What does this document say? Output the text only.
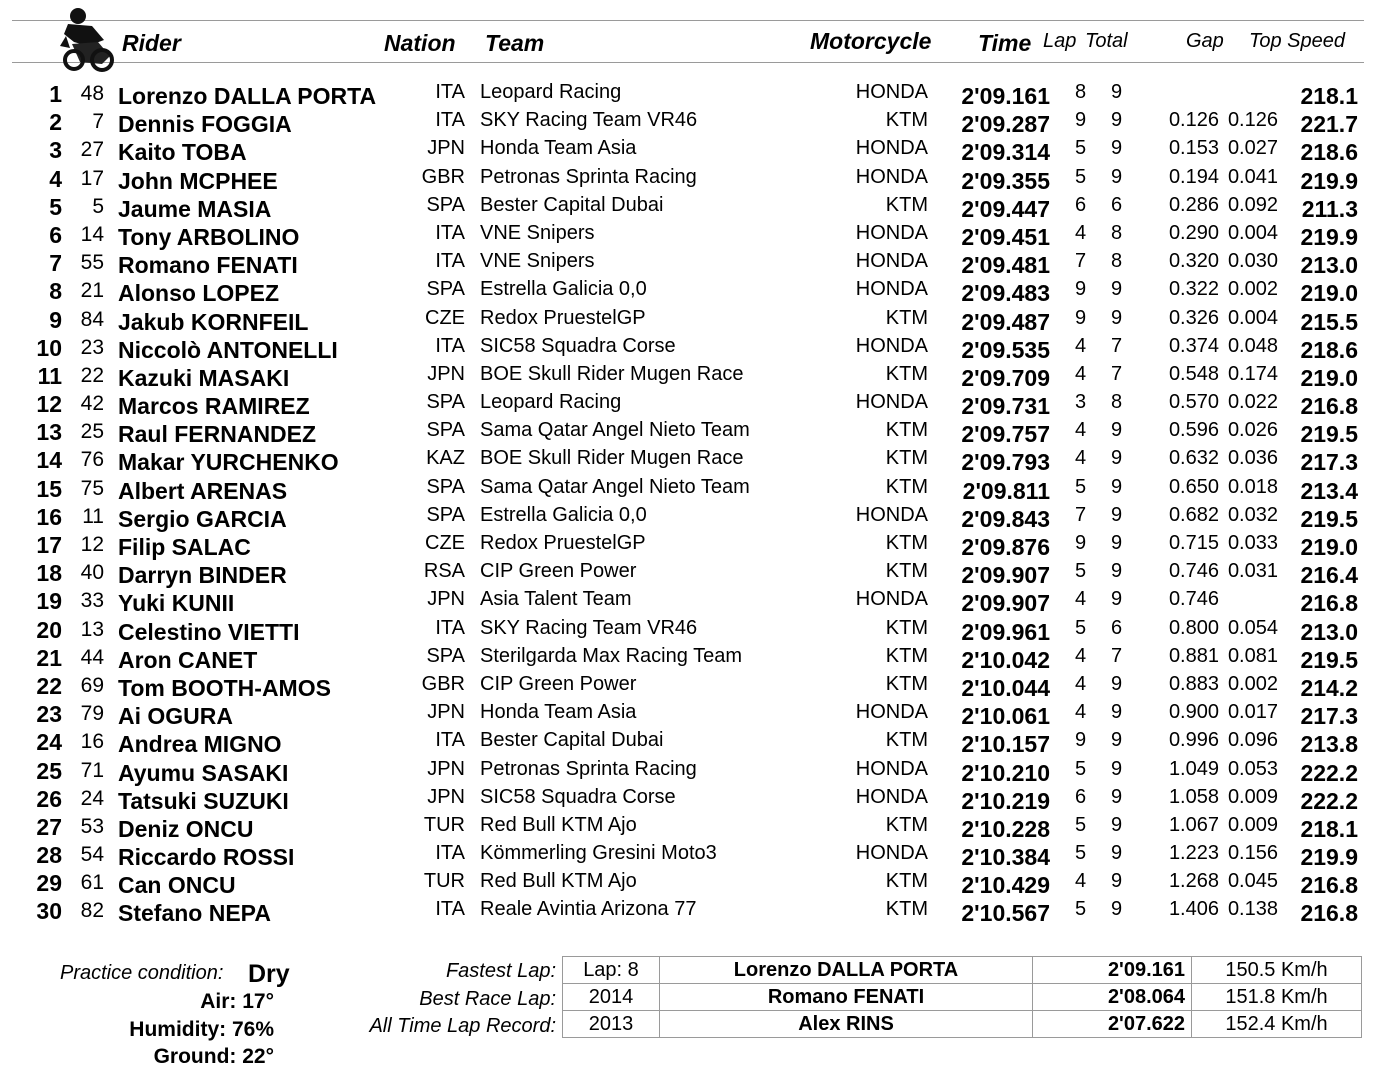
Rider	Nation Team	Motorcycle Time Lap Total	Gap Top Speed
1 48 Lorenzo DALLA PORTA	ITA Leopard Racing	HONDA 2'09.161 8 9	218.1
2 7 Dennis FOGGIA	ITA SKY Racing Team VR46	KTM 2'09.287 9 9 0.126 0.126 221.7
3 27 Kaito TOBA	JPN Honda Team Asia	HONDA 2'09.314 5 9 0.153 0.027 218.6
4 17 John MCPHEE	GBR Petronas Sprinta Racing	HONDA 2'09.355 5 9 0.194 0.041 219.9
5 5 Jaume MASIA	SPA Bester Capital Dubai	KTM 2'09.447 6 6 0.286 0.092 211.3
6 14 Tony ARBOLINO	ITA VNE Snipers	HONDA 2'09.451 4 8 0.290 0.004 219.9
7 55 Romano FENATI	ITA VNE Snipers	HONDA 2'09.481 7 8 0.320 0.030 213.0
8 21 Alonso LOPEZ	SPA Estrella Galicia 0,0	HONDA 2'09.483 9 9 0.322 0.002 219.0
9 84 Jakub KORNFEIL	CZE Redox PruestelGP	KTM 2'09.487 9 9 0.326 0.004 215.5
10 23 Niccolò ANTONELLI	ITA SIC58 Squadra Corse	HONDA 2'09.535 4 7 0.374 0.048 218.6
11 22 Kazuki MASAKI	JPN BOE Skull Rider Mugen Race	KTM 2'09.709 4 7 0.548 0.174 219.0
12 42 Marcos RAMIREZ	SPA Leopard Racing	HONDA 2'09.731 3 8 0.570 0.022 216.8
13 25 Raul FERNANDEZ	SPA Sama Qatar Angel Nieto Team	KTM 2'09.757 4 9 0.596 0.026 219.5
14 76 Makar YURCHENKO	KAZ BOE Skull Rider Mugen Race	KTM 2'09.793 4 9 0.632 0.036 217.3
15 75 Albert ARENAS	SPA Sama Qatar Angel Nieto Team	KTM 2'09.811 5 9 0.650 0.018 213.4
16 11 Sergio GARCIA	SPA Estrella Galicia 0,0	HONDA 2'09.843 7 9 0.682 0.032 219.5
17 12 Filip SALAC	CZE Redox PruestelGP	KTM 2'09.876 9 9 0.715 0.033 219.0
18 40 Darryn BINDER	RSA CIP Green Power	KTM 2'09.907 5 9 0.746 0.031 216.4
19 33 Yuki KUNII	JPN Asia Talent Team	HONDA 2'09.907 4 9 0.746	216.8
20 13 Celestino VIETTI	ITA SKY Racing Team VR46	KTM 2'09.961 5 6 0.800 0.054 213.0
21 44 Aron CANET	SPA Sterilgarda Max Racing Team	KTM 2'10.042 4 7 0.881 0.081 219.5
22 69 Tom BOOTH-AMOS	GBR CIP Green Power	KTM 2'10.044 4 9 0.883 0.002 214.2
23 79 Ai OGURA	JPN Honda Team Asia	HONDA 2'10.061 4 9 0.900 0.017 217.3
24 16 Andrea MIGNO	ITA Bester Capital Dubai	KTM 2'10.157 9 9 0.996 0.096 213.8
25 71 Ayumu SASAKI	JPN Petronas Sprinta Racing	HONDA 2'10.210 5 9 1.049 0.053 222.2
26 24 Tatsuki SUZUKI	JPN SIC58 Squadra Corse	HONDA 2'10.219 6 9 1.058 0.009 222.2
27 53 Deniz ONCU	TUR Red Bull KTM Ajo	KTM 2'10.228 5 9 1.067 0.009 218.1
28 54 Riccardo ROSSI	ITA Kömmerling Gresini Moto3	HONDA 2'10.384 5 9 1.223 0.156 219.9
29 61 Can ONCU	TUR Red Bull KTM Ajo	KTM 2'10.429 4 9 1.268 0.045 216.8
30 82 Stefano NEPA	ITA Reale Avintia Arizona 77	KTM 2'10.567 5 9 1.406 0.138 216.8
Practice condition: Dry
Air: 17°
Humidity: 76%
Ground: 22°
Fastest Lap:
Best Race Lap:
All Time Lap Record:
Lap: 8	Lorenzo DALLA PORTA	2'09.161	150.5 Km/h
2014	Romano FENATI	2'08.064	151.8 Km/h
2013	Alex RINS	2'07.622	152.4 Km/h
